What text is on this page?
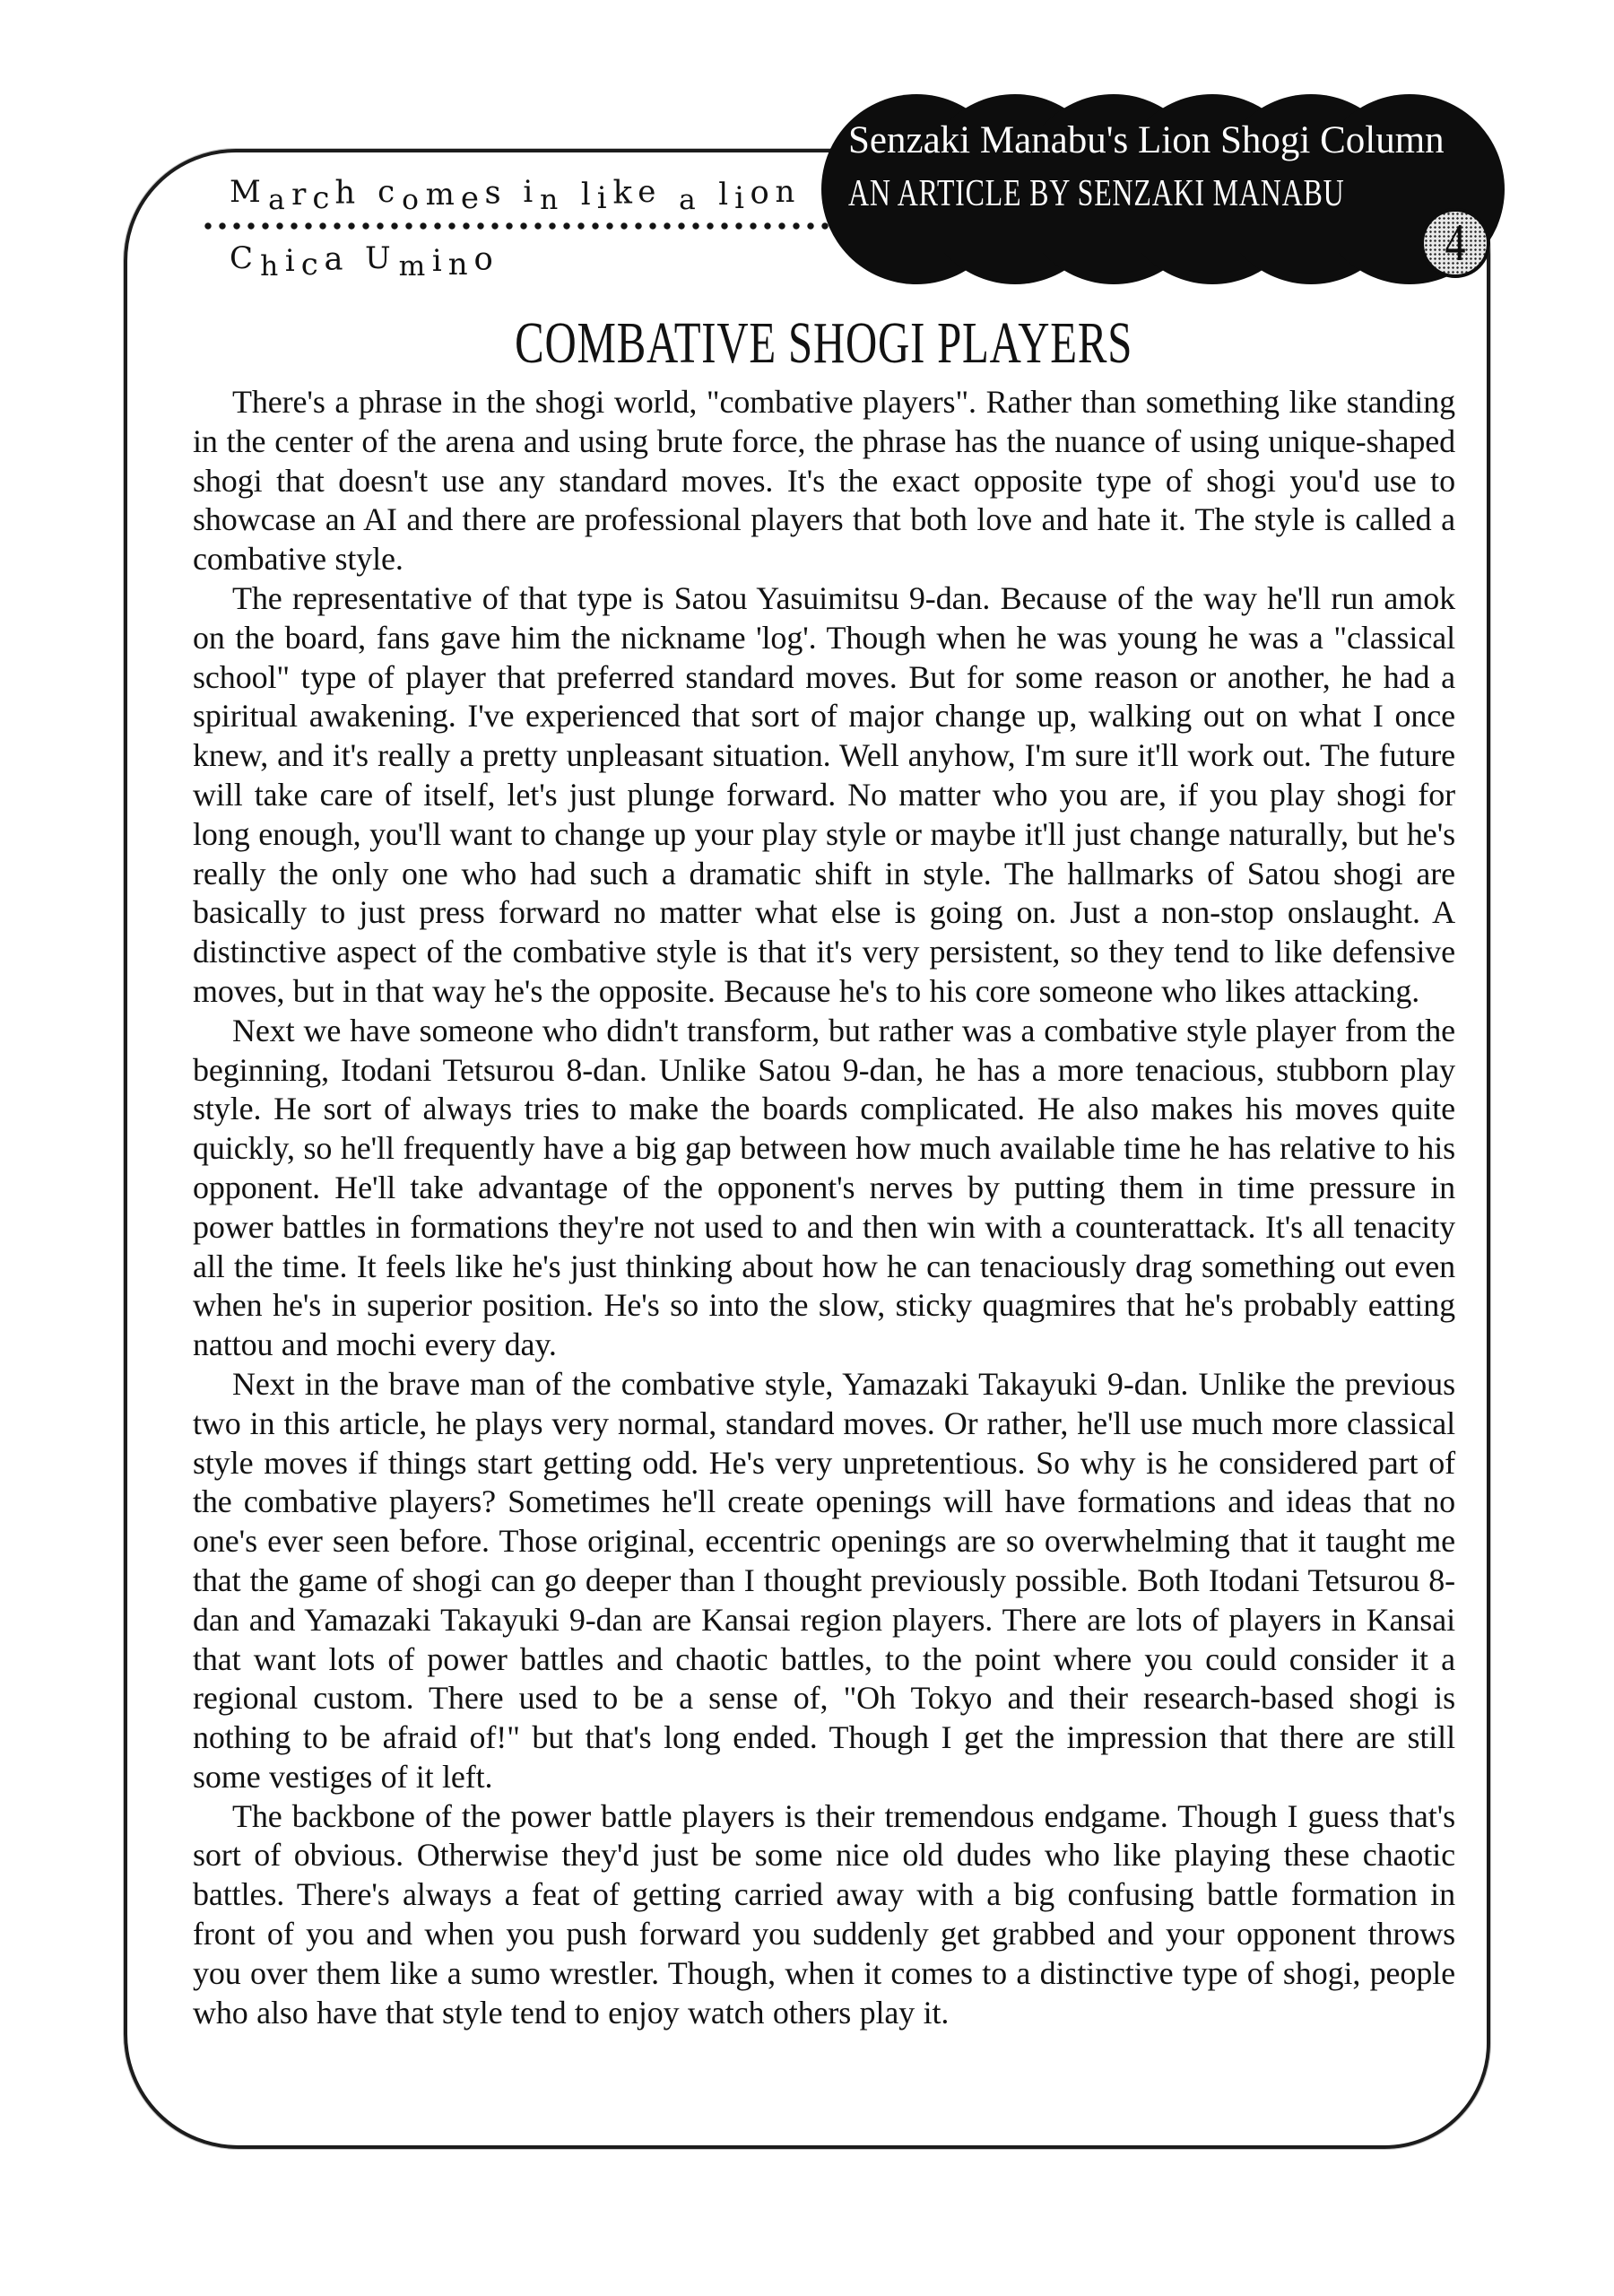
March comes in like a lion
Chica Umino
Senzaki Manabu's Lion Shogi Column
AN ARTICLE BY SENZAKI MANABU
4
COMBATIVE SHOGI PLAYERS

There's a phrase in the shogi world, "combative players". Rather than something like standing in the center of the arena and using brute force, the phrase has the nuance of using unique-shaped shogi that doesn't use any standard moves. It's the exact opposite type of shogi you'd use to showcase an AI and there are professional players that both love and hate it. The style is called a combative style.

The representative of that type is Satou Yasuimitsu 9-dan. Because of the way he'll run amok on the board, fans gave him the nickname 'log'. Though when he was young he was a "classical school" type of player that preferred standard moves. But for some reason or another, he had a spiritual awakening. I've experienced that sort of major change up, walking out on what I once knew, and it's really a pretty unpleasant situation. Well anyhow, I'm sure it'll work out. The future will take care of itself, let's just plunge forward. No matter who you are, if you play shogi for long enough, you'll want to change up your play style or maybe it'll just change naturally, but he's really the only one who had such a dramatic shift in style. The hallmarks of Satou shogi are basically to just press forward no matter what else is going on. Just a non-stop onslaught. A distinctive aspect of the combative style is that it's very persistent, so they tend to like defensive moves, but in that way he's the opposite. Because he's to his core someone who likes attacking.

Next we have someone who didn't transform, but rather was a combative style player from the beginning, Itodani Tetsurou 8-dan. Unlike Satou 9-dan, he has a more tenacious, stubborn play style. He sort of always tries to make the boards complicated. He also makes his moves quite quickly, so he'll frequently have a big gap between how much available time he has relative to his opponent. He'll take advantage of the opponent's nerves by putting them in time pressure in power battles in formations they're not used to and then win with a counterattack. It's all tenacity all the time. It feels like he's just thinking about how he can tenaciously drag something out even when he's in superior position. He's so into the slow, sticky quagmires that he's probably eatting nattou and mochi every day.

Next in the brave man of the combative style, Yamazaki Takayuki 9-dan. Unlike the previous two in this article, he plays very normal, standard moves. Or rather, he'll use much more classical style moves if things start getting odd. He's very unpretentious. So why is he considered part of the combative players? Sometimes he'll create openings will have formations and ideas that no one's ever seen before. Those original, eccentric openings are so overwhelming that it taught me that the game of shogi can go deeper than I thought previously possible. Both Itodani Tetsurou 8-dan and Yamazaki Takayuki 9-dan are Kansai region players. There are lots of players in Kansai that want lots of power battles and chaotic battles, to the point where you could consider it a regional custom. There used to be a sense of, "Oh Tokyo and their research-based shogi is nothing to be afraid of!" but that's long ended. Though I get the impression that there are still some vestiges of it left.

The backbone of the power battle players is their tremendous endgame. Though I guess that's sort of obvious. Otherwise they'd just be some nice old dudes who like playing these chaotic battles. There's always a feat of getting carried away with a big confusing battle formation in front of you and when you push forward you suddenly get grabbed and your opponent throws you over them like a sumo wrestler. Though, when it comes to a distinctive type of shogi, people who also have that style tend to enjoy watch others play it.
